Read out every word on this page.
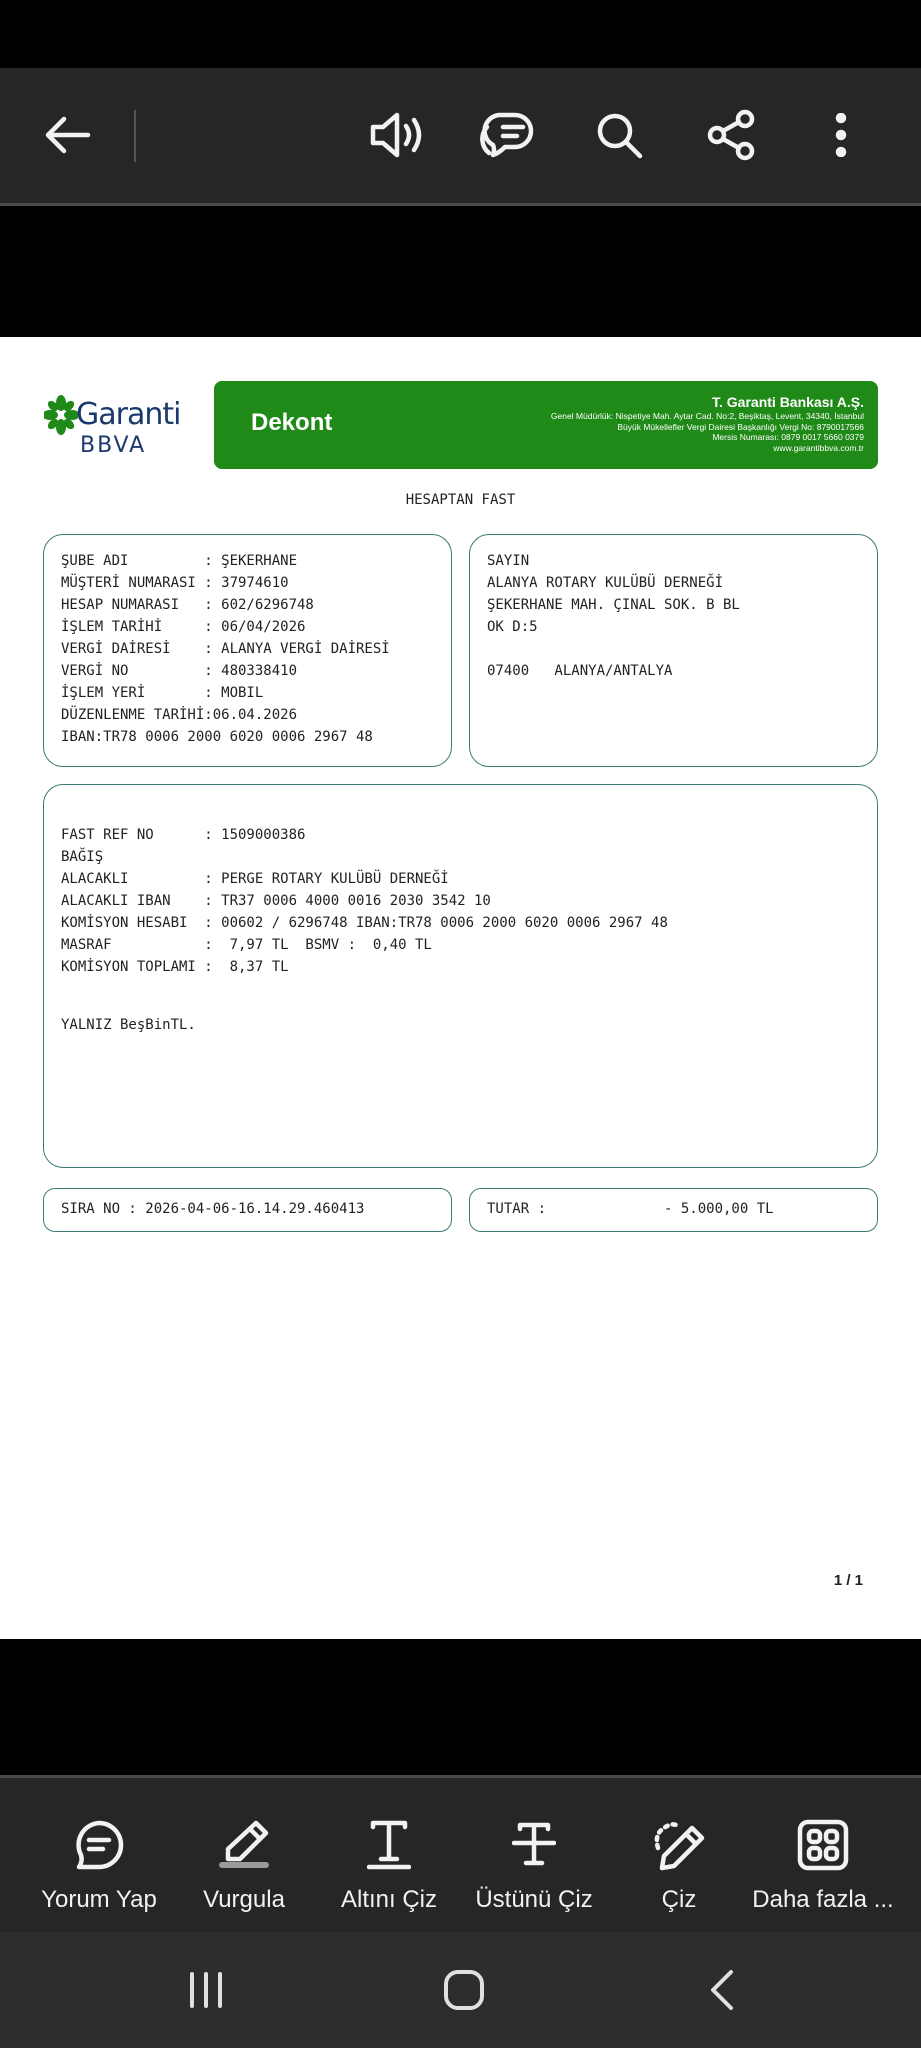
Garanti
BBVA
Dekont
T. Garanti Bankası A.Ş.
Genel Müdürlük: Nispetiye Mah. Aytar Cad. No:2, Beşiktaş, Levent, 34340, İstanbul
Büyük Mükellefler Vergi Dairesi Başkanlığı Vergi No: 8790017566
Mersis Numarası: 0879 0017 5660 0379
www.garantibbva.com.tr
HESAPTAN FAST
ŞUBE ADI         : ŞEKERHANE
MÜŞTERİ NUMARASI : 37974610
HESAP NUMARASI   : 602/6296748
İŞLEM TARİHİ     : 06/04/2026
VERGİ DAİRESİ    : ALANYA VERGİ DAİRESİ
VERGİ NO         : 480338410
İŞLEM YERİ       : MOBIL
DÜZENLENME TARİHİ:06.04.2026
IBAN:TR78 0006 2000 6020 0006 2967 48
SAYIN
ALANYA ROTARY KULÜBÜ DERNEĞİ
ŞEKERHANE MAH. ÇINAL SOK. B BL
OK D:5
07400   ALANYA/ANTALYA
FAST REF NO      : 1509000386
BAĞIŞ
ALACAKLI         : PERGE ROTARY KULÜBÜ DERNEĞİ
ALACAKLI IBAN    : TR37 0006 4000 0016 2030 3542 10
KOMİSYON HESABI  : 00602 / 6296748 IBAN:TR78 0006 2000 6020 0006 2967 48
MASRAF           :  7,97 TL  BSMV :  0,40 TL
KOMİSYON TOPLAMI :  8,37 TL
YALNIZ BeşBinTL.
SIRA NO : 2026-04-06-16.14.29.460413	TUTAR :              - 5.000,00 TL
1 / 1
Yorum Yap	Vurgula	Altını Çiz	Üstünü Çiz	Çiz	Daha fazla ...
